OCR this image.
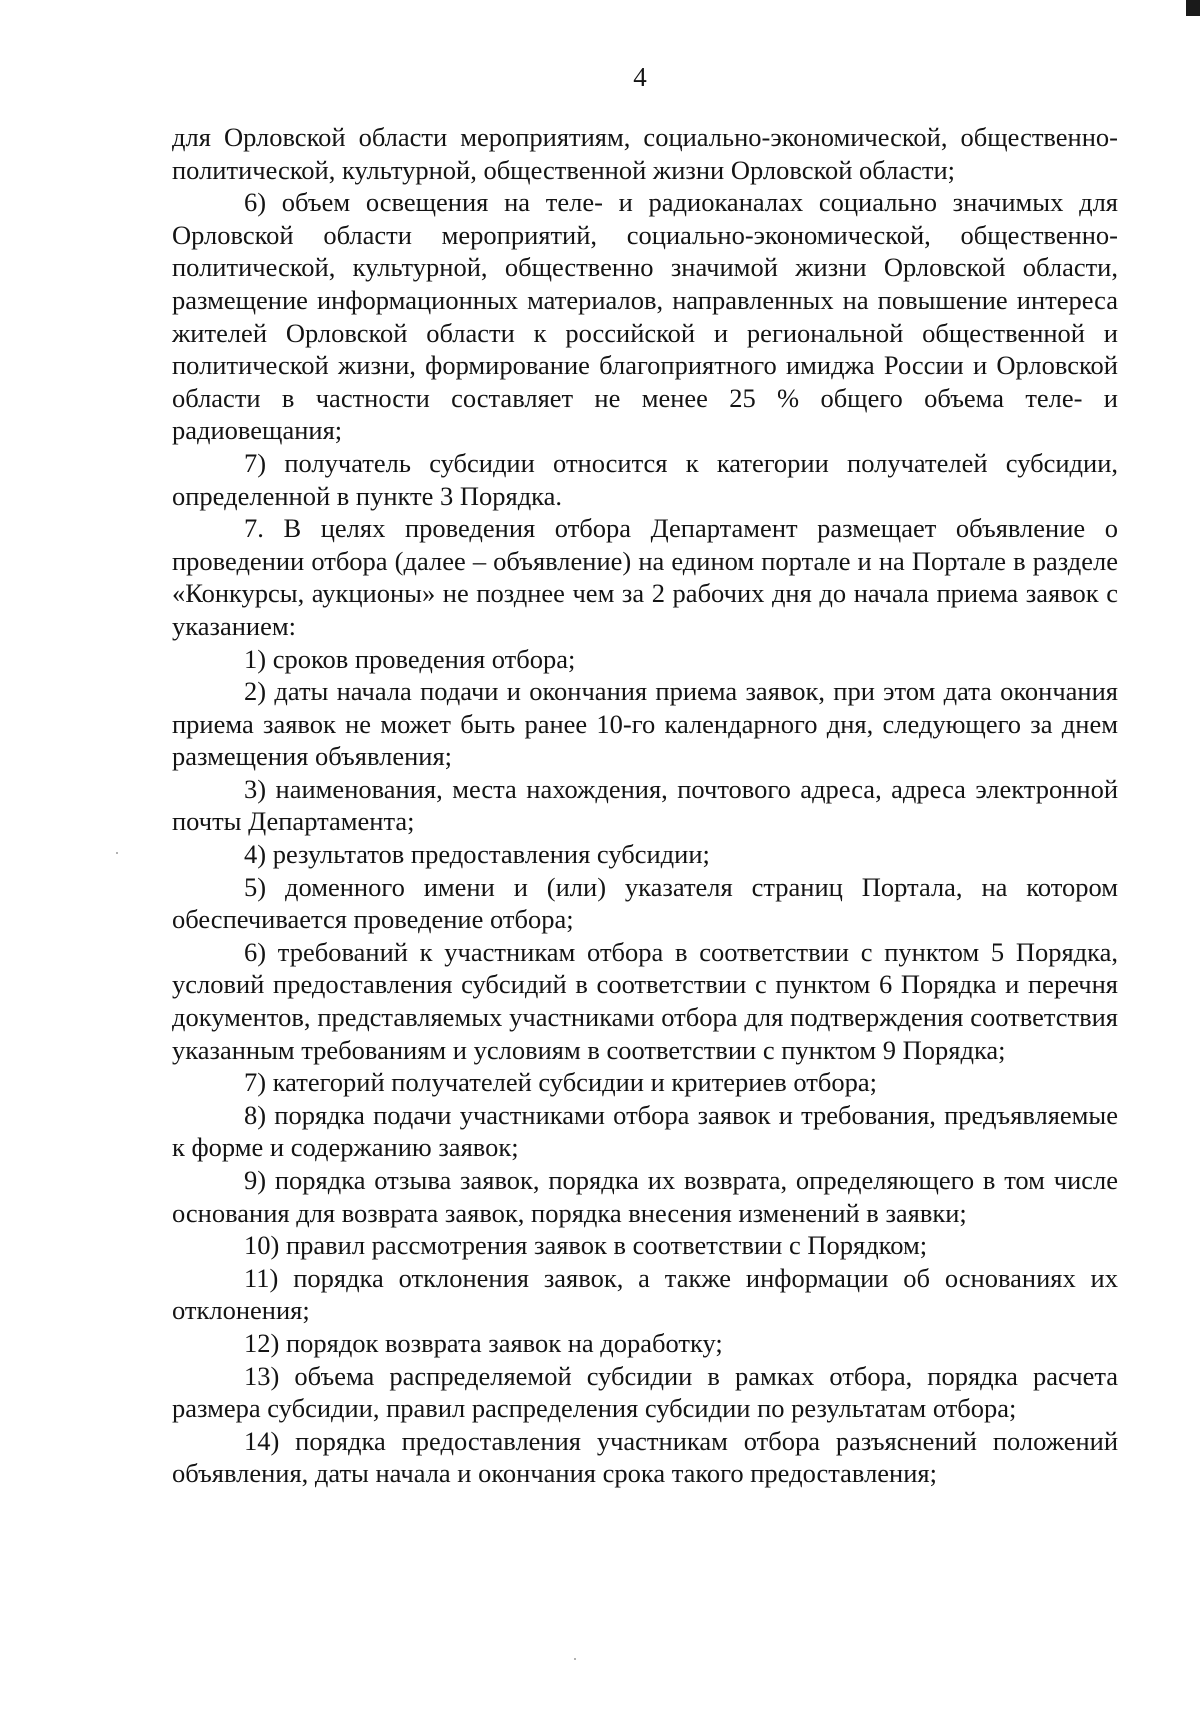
4

для Орловской области мероприятиям, социально-экономической, общественно-политической, культурной, общественной жизни Орловской области;

6) объем освещения на теле- и радиоканалах социально значимых для Орловской области мероприятий, социально-экономической, общественно-политической, культурной, общественно значимой жизни Орловской области, размещение информационных материалов, направленных на повышение интереса жителей Орловской области к российской и региональной общественной и политической жизни, формирование благоприятного имиджа России и Орловской области в частности составляет не менее 25 % общего объема теле- и радиовещания;

7) получатель субсидии относится к категории получателей субсидии, определенной в пункте 3 Порядка.

7. В целях проведения отбора Департамент размещает объявление о проведении отбора (далее – объявление) на едином портале и на Портале в разделе «Конкурсы, аукционы» не позднее чем за 2 рабочих дня до начала приема заявок с указанием:

1) сроков проведения отбора;

2) даты начала подачи и окончания приема заявок, при этом дата окончания приема заявок не может быть ранее 10-го календарного дня, следующего за днем размещения объявления;

3) наименования, места нахождения, почтового адреса, адреса электронной почты Департамента;

4) результатов предоставления субсидии;

5) доменного имени и (или) указателя страниц Портала, на котором обеспечивается проведение отбора;

6) требований к участникам отбора в соответствии с пунктом 5 Порядка, условий предоставления субсидий в соответствии с пунктом 6 Порядка и перечня документов, представляемых участниками отбора для подтверждения соответствия указанным требованиям и условиям в соответствии с пунктом 9 Порядка;

7) категорий получателей субсидии и критериев отбора;

8) порядка подачи участниками отбора заявок и требования, предъявляемые к форме и содержанию заявок;

9) порядка отзыва заявок, порядка их возврата, определяющего в том числе основания для возврата заявок, порядка внесения изменений в заявки;

10) правил рассмотрения заявок в соответствии с Порядком;

11) порядка отклонения заявок, а также информации об основаниях их отклонения;

12) порядок возврата заявок на доработку;

13) объема распределяемой субсидии в рамках отбора, порядка расчета размера субсидии, правил распределения субсидии по результатам отбора;

14) порядка предоставления участникам отбора разъяснений положений объявления, даты начала и окончания срока такого предоставления;
